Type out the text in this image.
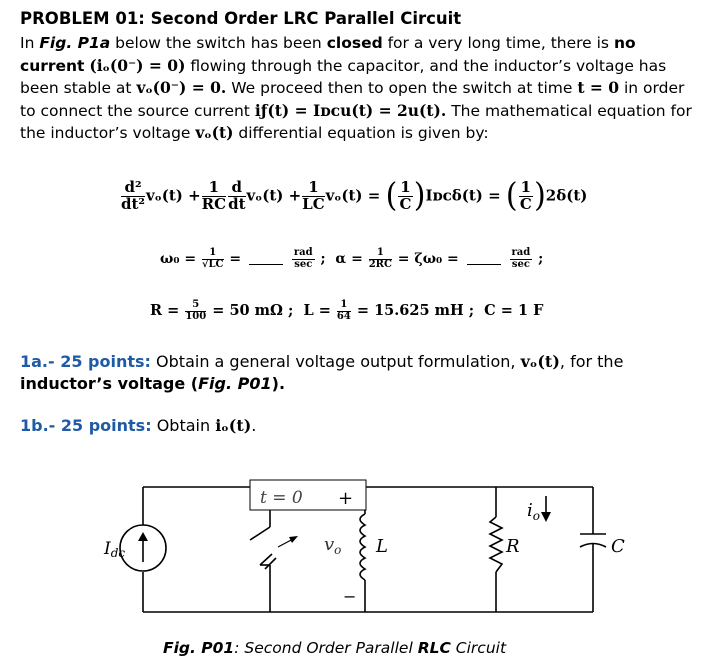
PROBLEM 01: Second Order LRC Parallel Circuit
In Fig. P1a below the switch has been closed for a very long time, there is no current (iₒ(0⁻) = 0) flowing through the capacitor, and the inductor’s voltage has been stable at vₒ(0⁻) = 0. We proceed then to open the switch at time t = 0 in order to connect the source current iƒ(t) = Iᴅᴄu(t) = 2u(t). The mathematical equation for the inductor’s voltage vₒ(t) differential equation is given by:
$\frac{\text{d²}}{\text{dt²}} v_o(t) + \frac{1}{RC} \frac{d}{dt} v_o(t) + \frac{1}{LC} v_o(t)$ = ( $\frac{1}{C}$ )Iᴅᴄδ(t) = ( $\frac{1}{C} )2\delta(t)$
$\omega_0 = \frac{1}{√LC}$ =	$\frac{\text{rad}}{\sec}$ ; $\alpha = \frac{1}{2RC} = \zeta\omega_0$ =	$\frac{\text{rad}}{\sec}$ ;
$R = \frac{5}{100} = 50$ mΩ ; $L = \frac{1}{64} = 15.625$ mH ; C = 1 F
1a.- 25 points: Obtain a general voltage output formulation, vₒ(t), for the
inductor’s voltage (Fig. P01).
1b.- 25 points: Obtain iₒ(t).
Idc
t = 0 +
−
$v_o$ L	R	C
$i_o$
Fig. P01: Second Order Parallel RLC Circuit
